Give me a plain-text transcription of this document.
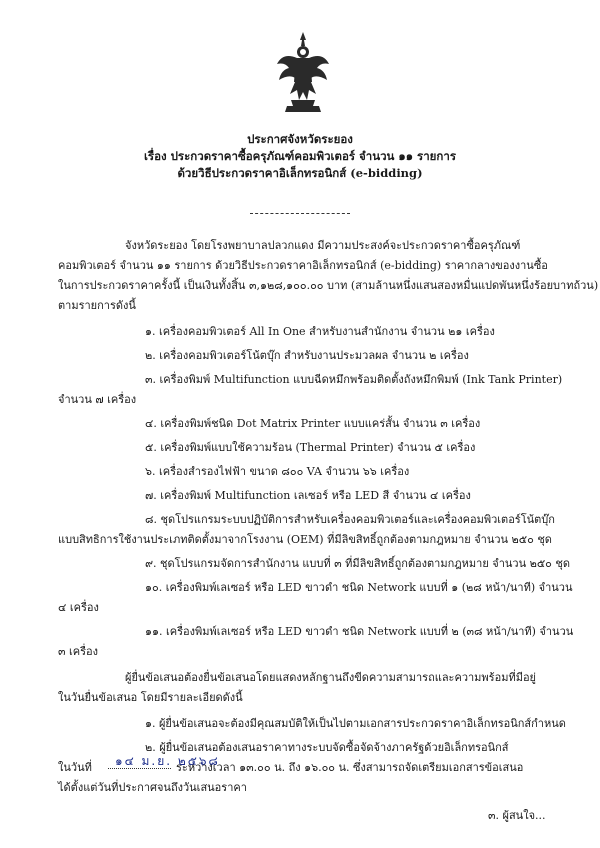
ประกาศจังหวัดระยอง
เรื่อง ประกวดราคาซื้อครุภัณฑ์คอมพิวเตอร์ จำนวน ๑๑ รายการ
ด้วยวิธีประกวดราคาอิเล็กทรอนิกส์ (e-bidding)
จังหวัดระยอง โดยโรงพยาบาลปลวกแดง มีความประสงค์จะประกวดราคาซื้อครุภัณฑ์
คอมพิวเตอร์ จำนวน ๑๑ รายการ ด้วยวิธีประกวดราคาอิเล็กทรอนิกส์ (e-bidding) ราคากลางของงานซื้อ
ในการประกวดราคาครั้งนี้ เป็นเงินทั้งสิ้น ๓,๑๒๘,๑๐๐.๐๐ บาท (สามล้านหนึ่งแสนสองหมื่นแปดพันหนึ่งร้อยบาทถ้วน)
ตามรายการดังนี้
๑. เครื่องคอมพิวเตอร์ All In One สำหรับงานสำนักงาน จำนวน ๒๑ เครื่อง
๒. เครื่องคอมพิวเตอร์โน้ตบุ๊ก สำหรับงานประมวลผล จำนวน ๒ เครื่อง
๓. เครื่องพิมพ์ Multifunction แบบฉีดหมึกพร้อมติดตั้งถังหมึกพิมพ์ (Ink Tank Printer)
จำนวน ๗ เครื่อง
๔. เครื่องพิมพ์ชนิด Dot Matrix Printer แบบแคร่สั้น จำนวน ๓ เครื่อง
๕. เครื่องพิมพ์แบบใช้ความร้อน (Thermal Printer) จำนวน ๕ เครื่อง
๖. เครื่องสำรองไฟฟ้า ขนาด ๘๐๐ VA จำนวน ๖๖ เครื่อง
๗. เครื่องพิมพ์ Multifunction เลเซอร์ หรือ LED สี จำนวน ๔ เครื่อง
๘. ชุดโปรแกรมระบบปฏิบัติการสำหรับเครื่องคอมพิวเตอร์และเครื่องคอมพิวเตอร์โน้ตบุ๊ก
แบบสิทธิการใช้งานประเภทติดตั้งมาจากโรงงาน (OEM) ที่มีลิขสิทธิ์ถูกต้องตามกฎหมาย จำนวน ๒๕๐ ชุด
๙. ชุดโปรแกรมจัดการสำนักงาน แบบที่ ๓ ที่มีลิขสิทธิ์ถูกต้องตามกฎหมาย จำนวน ๒๕๐ ชุด
๑๐. เครื่องพิมพ์เลเซอร์ หรือ LED ขาวดำ ชนิด Network แบบที่ ๑ (๒๘ หน้า/นาที) จำนวน
๔ เครื่อง
๑๑. เครื่องพิมพ์เลเซอร์ หรือ LED ขาวดำ ชนิด Network แบบที่ ๒ (๓๘ หน้า/นาที) จำนวน
๓ เครื่อง
ผู้ยื่นข้อเสนอต้องยื่นข้อเสนอโดยแสดงหลักฐานถึงขีดความสามารถและความพร้อมที่มีอยู่
ในวันยื่นข้อเสนอ โดยมีรายละเอียดดังนี้
๑. ผู้ยื่นข้อเสนอจะต้องมีคุณสมบัติให้เป็นไปตามเอกสารประกวดราคาอิเล็กทรอนิกส์กำหนด
๒. ผู้ยื่นข้อเสนอต้องเสนอราคาทางระบบจัดซื้อจัดจ้างภาครัฐด้วยอิเล็กทรอนิกส์
ในวันที่ ๑๔ ม.ย. ๒๕๖๘
ระหว่างเวลา ๑๓.๐๐ น. ถึง ๑๖.๐๐ น. ซึ่งสามารถจัดเตรียมเอกสารข้อเสนอ
ได้ตั้งแต่วันที่ประกาศจนถึงวันเสนอราคา
๓. ผู้สนใจ...
